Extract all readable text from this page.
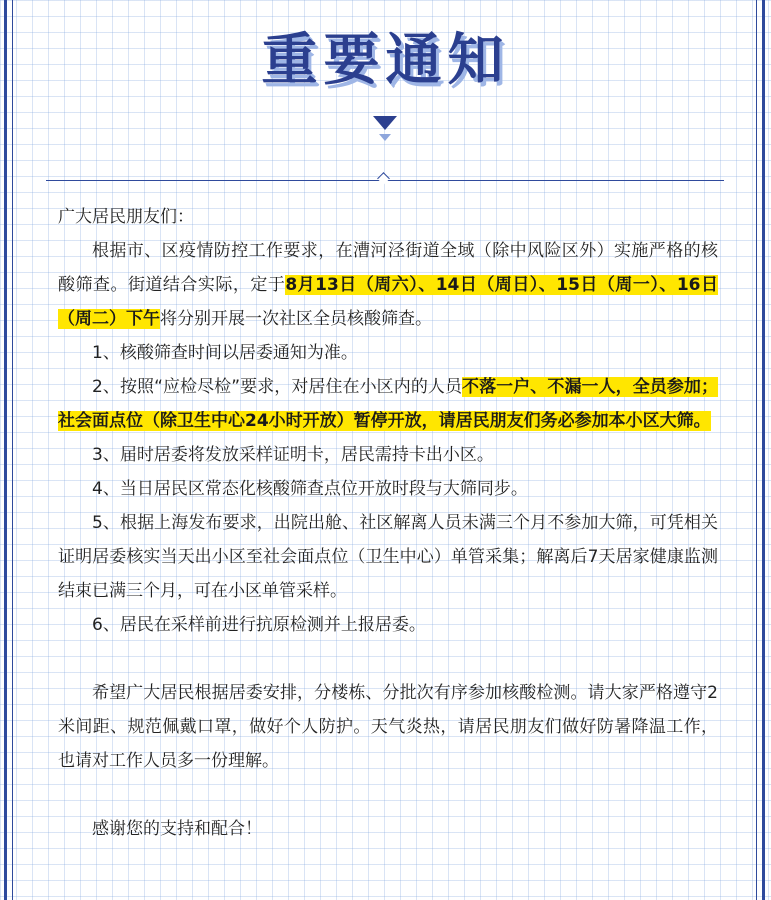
重要通知

广大居民朋友们：

根据市、区疫情防控工作要求，在漕河泾街道全域（除中风险区外）实施严格的核酸筛查。街道结合实际，定于8月13日（周六）、14日（周日）、15日（周一）、16日（周二）下午将分别开展一次社区全员核酸筛查。

1、核酸筛查时间以居委通知为准。

2、按照“应检尽检”要求，对居住在小区内的人员不落一户、不漏一人，全员参加；社会面点位（除卫生中心24小时开放）暂停开放，请居民朋友们务必参加本小区大筛。

3、届时居委将发放采样证明卡，居民需持卡出小区。

4、当日居民区常态化核酸筛查点位开放时段与大筛同步。

5、根据上海发布要求，出院出舱、社区解离人员未满三个月不参加大筛，可凭相关证明居委核实当天出小区至社会面点位（卫生中心）单管采集；解离后7天居家健康监测结束已满三个月，可在小区单管采样。

6、居民在采样前进行抗原检测并上报居委。

希望广大居民根据居委安排，分楼栋、分批次有序参加核酸检测。请大家严格遵守2米间距、规范佩戴口罩，做好个人防护。天气炎热，请居民朋友们做好防暑降温工作，也请对工作人员多一份理解。

感谢您的支持和配合！
